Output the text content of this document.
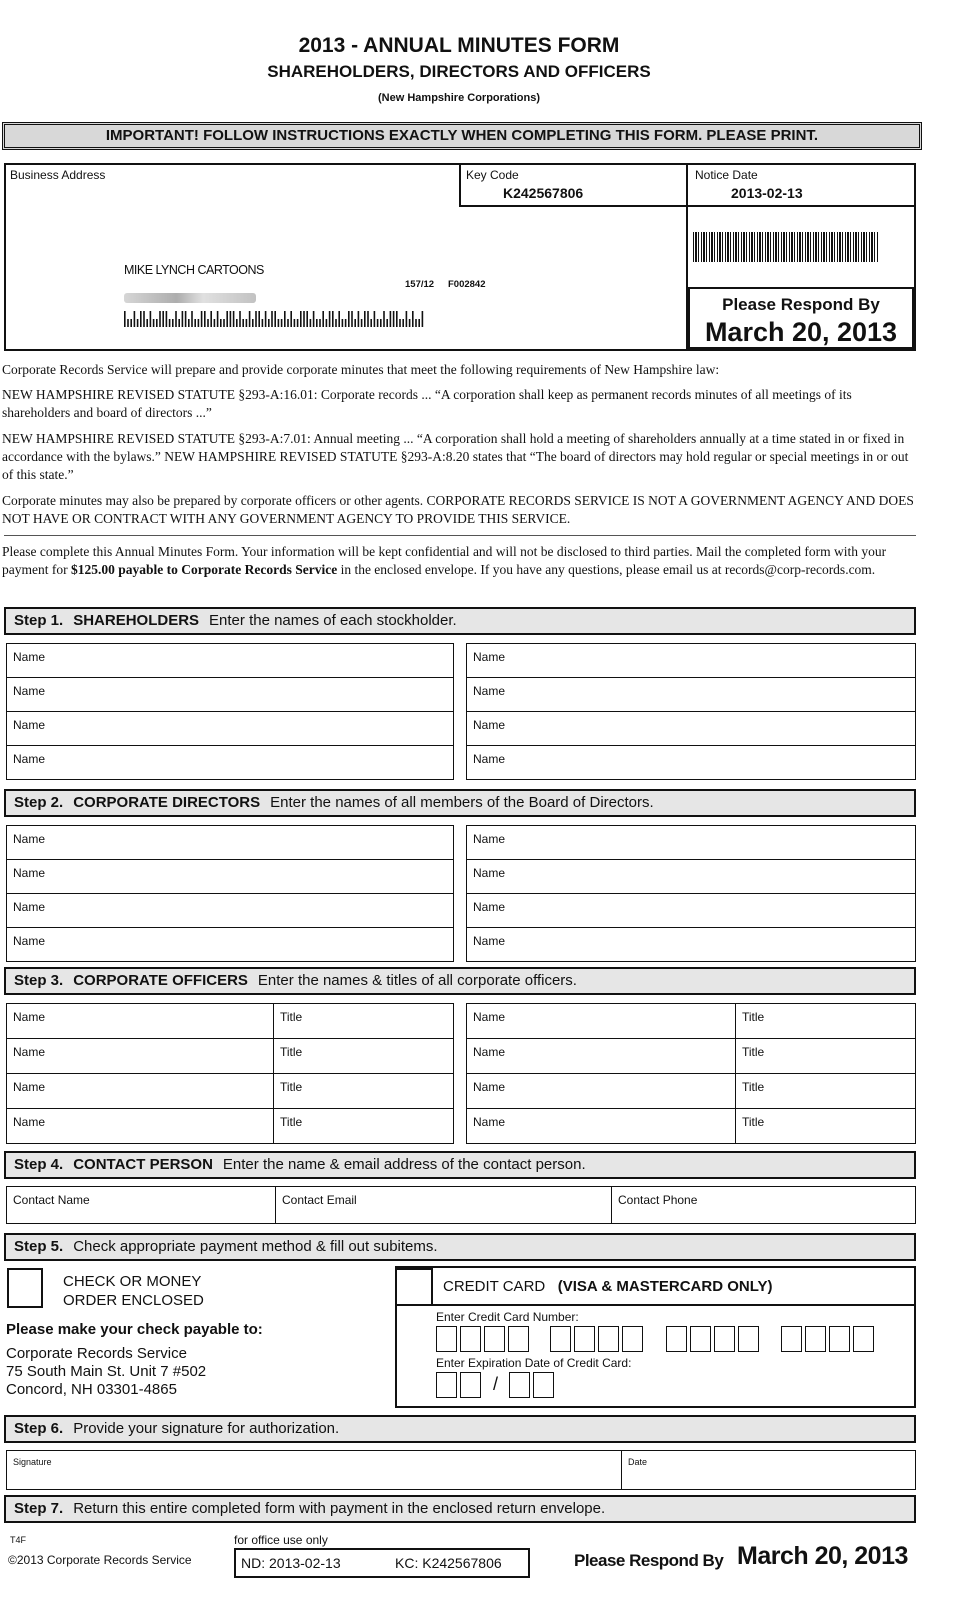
2013 - ANNUAL MINUTES FORM
SHAREHOLDERS, DIRECTORS AND OFFICERS
(New Hampshire Corporations)
IMPORTANT! FOLLOW INSTRUCTIONS EXACTLY WHEN COMPLETING THIS FORM. PLEASE PRINT.
Business Address	Key Code
K242567806
Notice Date
2013-02-13
MIKE LYNCH CARTOONS
157/12 F002842
Please Respond By
March 20, 2013
Corporate Records Service will prepare and provide corporate minutes that meet the following requirements of New Hampshire law:
NEW HAMPSHIRE REVISED STATUTE §293-A:16.01: Corporate records ... “A corporation shall keep as permanent records minutes of all meetings of its shareholders and board of directors ...”
NEW HAMPSHIRE REVISED STATUTE §293-A:7.01: Annual meeting ... “A corporation shall hold a meeting of shareholders annually at a time stated in or fixed in accordance with the bylaws.” NEW HAMPSHIRE REVISED STATUTE §293-A:8.20 states that “The board of directors may hold regular or special meetings in or out of this state.”
Corporate minutes may also be prepared by corporate officers or other agents. CORPORATE RECORDS SERVICE IS NOT A GOVERNMENT AGENCY AND DOES NOT HAVE OR CONTRACT WITH ANY GOVERNMENT AGENCY TO PROVIDE THIS SERVICE.
Please complete this Annual Minutes Form. Your information will be kept confidential and will not be disclosed to third parties. Mail the completed form with your payment for $125.00 payable to Corporate Records Service in the enclosed envelope. If you have any questions, please email us at records@corp-records.com.
Step 1. SHAREHOLDERS Enter the names of each stockholder.
Name	Name
Name	Name
Name	Name
Name	Name
Step 2. CORPORATE DIRECTORS Enter the names of all members of the Board of Directors.
Name	Name
Name	Name
Name	Name
Name	Name
Step 3. CORPORATE OFFICERS Enter the names & titles of all corporate officers.
Name	Title	Name	Title
Name	Title	Name	Title
Name	Title	Name	Title
Name	Title	Name	Title
Step 4. CONTACT PERSON Enter the name & email address of the contact person.
Contact Name	Contact Email	Contact Phone
Step 5. Check appropriate payment method & fill out subitems.
CHECK OR MONEY
ORDER ENCLOSED
Please make your check payable to:
Corporate Records Service
75 South Main St. Unit 7 #502
Concord, NH 03301-4865
CREDIT CARD (VISA & MASTERCARD ONLY)
Enter Credit Card Number:
Enter Expiration Date of Credit Card:
/
Step 6. Provide your signature for authorization.
Signature	Date
Step 7. Return this entire completed form with payment in the enclosed return envelope.
T4F
©2013 Corporate Records Service
for office use only
ND: 2013-02-13	KC: K242567806	Please Respond By March 20, 2013
